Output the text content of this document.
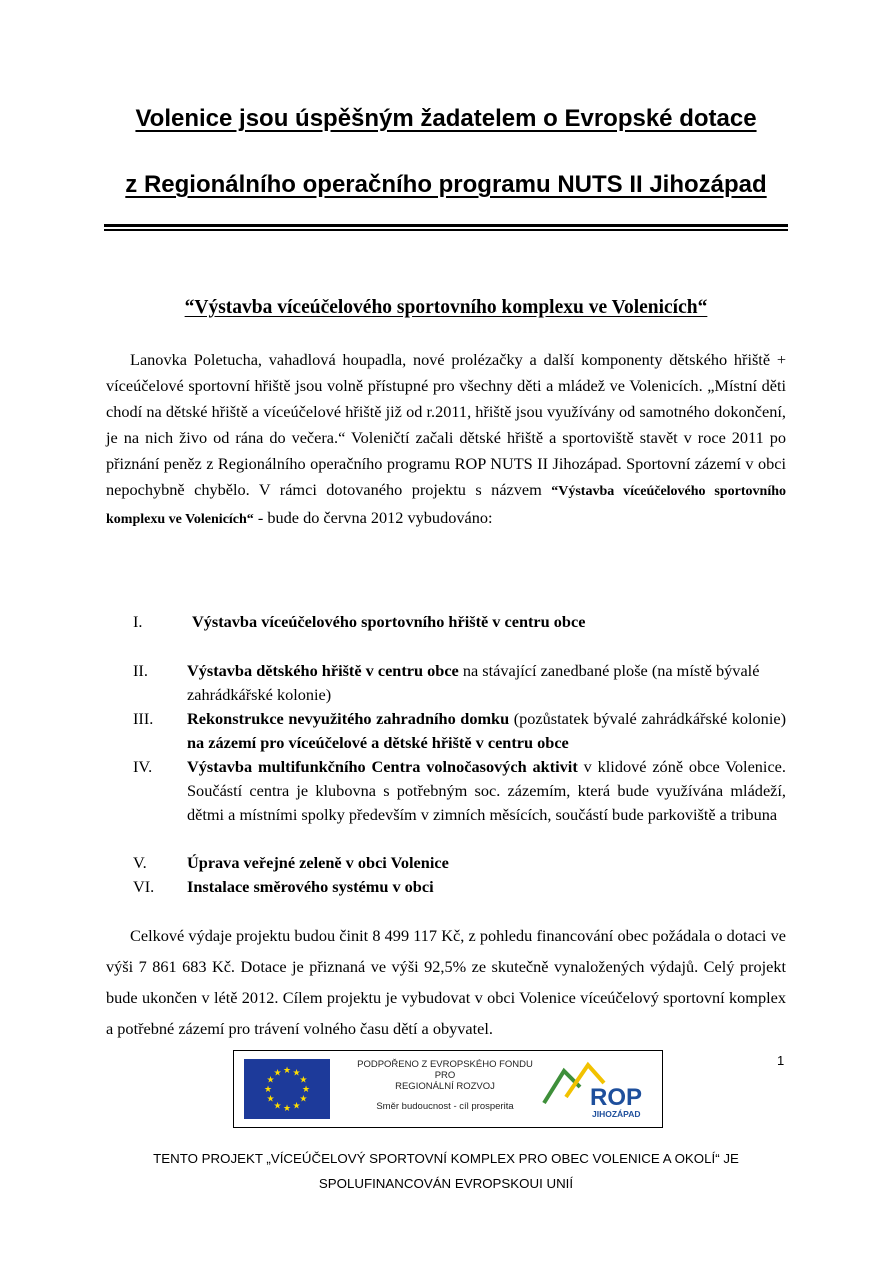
Volenice jsou úspěšným žadatelem o Evropské dotace
z Regionálního operačního programu NUTS II Jihozápad
“Výstavba víceúčelového sportovního komplexu ve Volenicích“
Lanovka Poletucha, vahadlová houpadla, nové prolézačky a další komponenty dětského hřiště + víceúčelové sportovní hřiště jsou volně přístupné pro všechny děti a mládež ve Volenicích. „Místní děti chodí na dětské hřiště a víceúčelové hřiště již od r.2011, hřiště jsou využívány od samotného dokončení, je na nich živo od rána do večera.“ Voleničtí začali dětské hřiště a sportoviště stavět v roce 2011 po přiznání peněz z Regionálního operačního programu ROP NUTS II Jihozápad. Sportovní zázemí v obci nepochybně chybělo. V rámci dotovaného projektu s názvem “Výstavba víceúčelového sportovního komplexu ve Volenicích“ - bude do června 2012 vybudováno:
I.	Výstavba víceúčelového sportovního hřiště v centru obce
II. Výstavba dětského hřiště v centru obce na stávající zanedbané ploše (na místě bývalé zahrádkářské kolonie)
III. Rekonstrukce nevyužitého zahradního domku (pozůstatek bývalé zahrádkářské kolonie) na zázemí pro víceúčelové a dětské hřiště v centru obce
IV. Výstavba multifunkčního Centra volnočasových aktivit v klidové zóně obce Volenice. Součástí centra je klubovna s potřebným soc. zázemím, která bude využívána mládeží, dětmi a místními spolky především v zimních měsících, součástí bude parkoviště a tribuna
V. Úprava veřejné zeleně v obci Volenice
VI. Instalace směrového systému v obci
Celkové výdaje projektu budou činit 8 499 117 Kč, z pohledu financování obec požádala o dotaci ve výši 7 861 683 Kč. Dotace je přiznaná ve výši 92,5% ze skutečně vynaložených výdajů. Celý projekt bude ukončen v létě 2012. Cílem projektu je vybudovat v obci Volenice víceúčelový sportovní komplex a potřebné zázemí pro trávení volného času dětí a obyvatel.
★ ★
★
★
★
★
★
★
★
★
★
★
PODPOŘENO Z EVROPSKÉHO FONDU
PRO
REGIONÁLNÍ ROZVOJ
Směr budoucnost - cíl prosperita	ROP
JIHOZÁPAD
1
TENTO PROJEKT „VÍCEÚČELOVÝ SPORTOVNÍ KOMPLEX PRO OBEC VOLENICE A OKOLÍ“ JE
SPOLUFINANCOVÁN EVROPSKOUI UNIÍ
